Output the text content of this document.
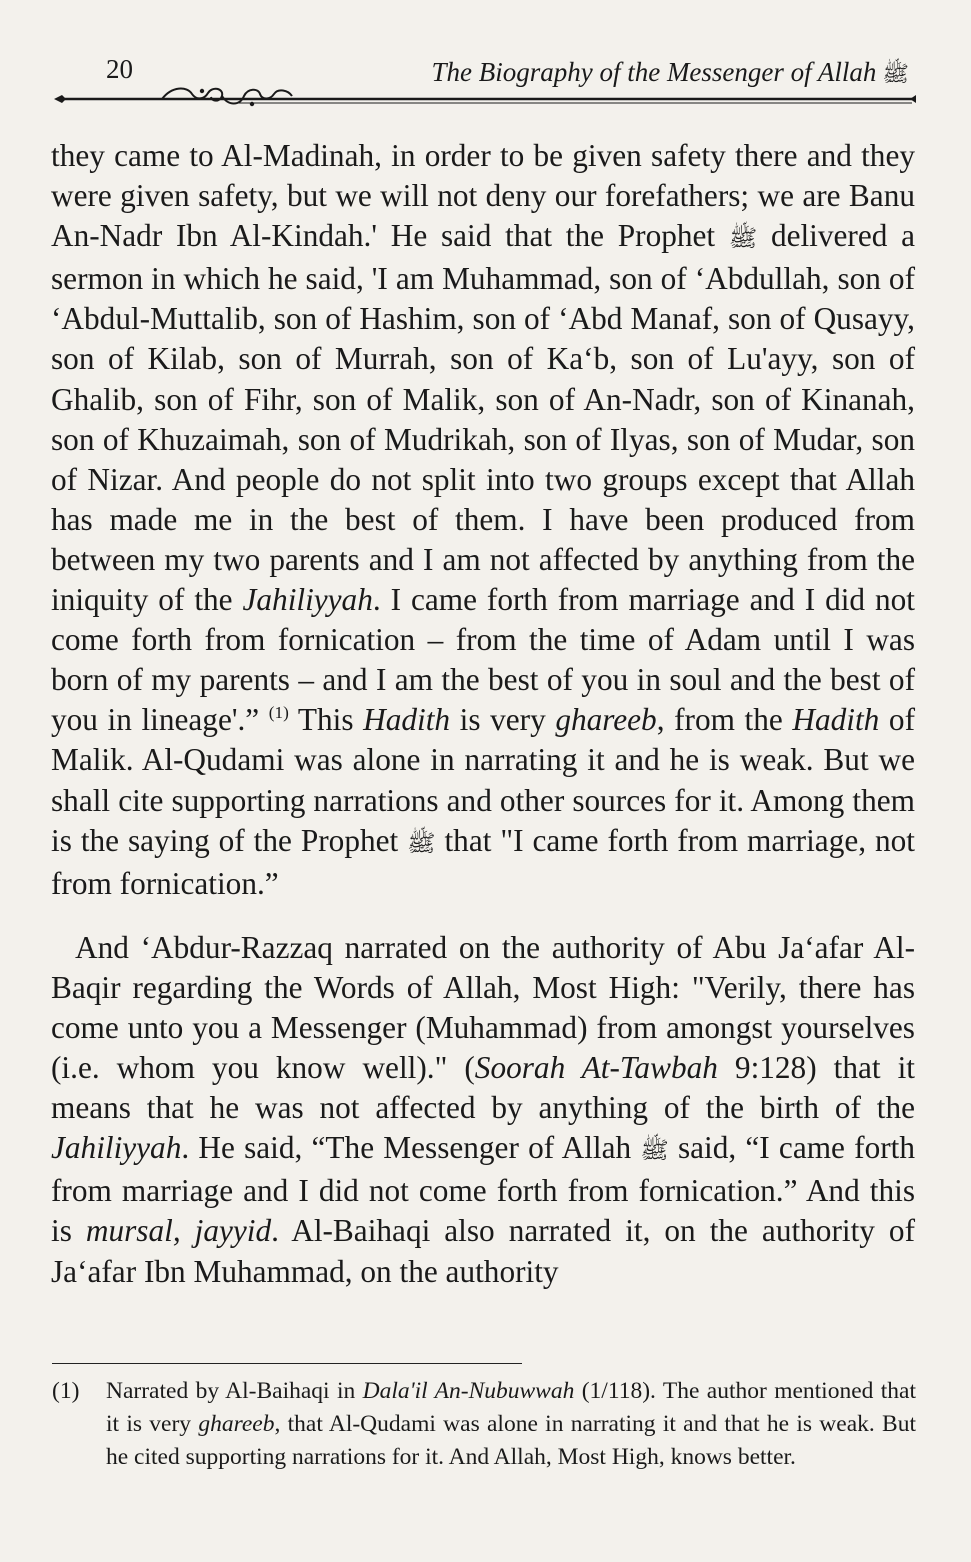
20	The Biography of the Messenger of Allah ﷺ

they came to Al-Madinah, in order to be given safety there and they were given safety, but we will not deny our forefathers; we are Banu An-Nadr Ibn Al-Kindah.' He said that the Prophet ﷺ delivered a sermon in which he said, 'I am Muhammad, son of ‘Abdullah, son of ‘Abdul-Muttalib, son of Hashim, son of ‘Abd Manaf, son of Qusayy, son of Kilab, son of Murrah, son of Ka‘b, son of Lu'ayy, son of Ghalib, son of Fihr, son of Malik, son of An-Nadr, son of Kinanah, son of Khuzaimah, son of Mudrikah, son of Ilyas, son of Mudar, son of Nizar. And people do not split into two groups except that Allah has made me in the best of them. I have been produced from between my two parents and I am not affected by anything from the iniquity of the Jahiliyyah. I came forth from marriage and I did not come forth from fornication – from the time of Adam until I was born of my parents – and I am the best of you in soul and the best of you in lineage'.” $^{(1)}$ This Hadith is very ghareeb, from the Hadith of Malik. Al-Qudami was alone in narrating it and he is weak. But we shall cite supporting narrations and other sources for it. Among them is the saying of the Prophet ﷺ that "I came forth from marriage, not from fornication.”

And ‘Abdur-Razzaq narrated on the authority of Abu Ja‘afar Al-Baqir regarding the Words of Allah, Most High: "Verily, there has come unto you a Messenger (Muhammad) from amongst yourselves (i.e. whom you know well)." (Soorah At-Tawbah 9:128) that it means that he was not affected by anything of the birth of the Jahiliyyah. He said, “The Messenger of Allah ﷺ said, “I came forth from marriage and I did not come forth from fornication.” And this is mursal, jayyid. Al-Baihaqi also narrated it, on the authority of Ja‘afar Ibn Muhammad, on the authority

(1)	Narrated by Al-Baihaqi in Dala'il An-Nubuwwah (1/118). The author mentioned that it is very ghareeb, that Al-Qudami was alone in narrating it and that he is weak. But he cited supporting narrations for it. And Allah, Most High, knows better.
